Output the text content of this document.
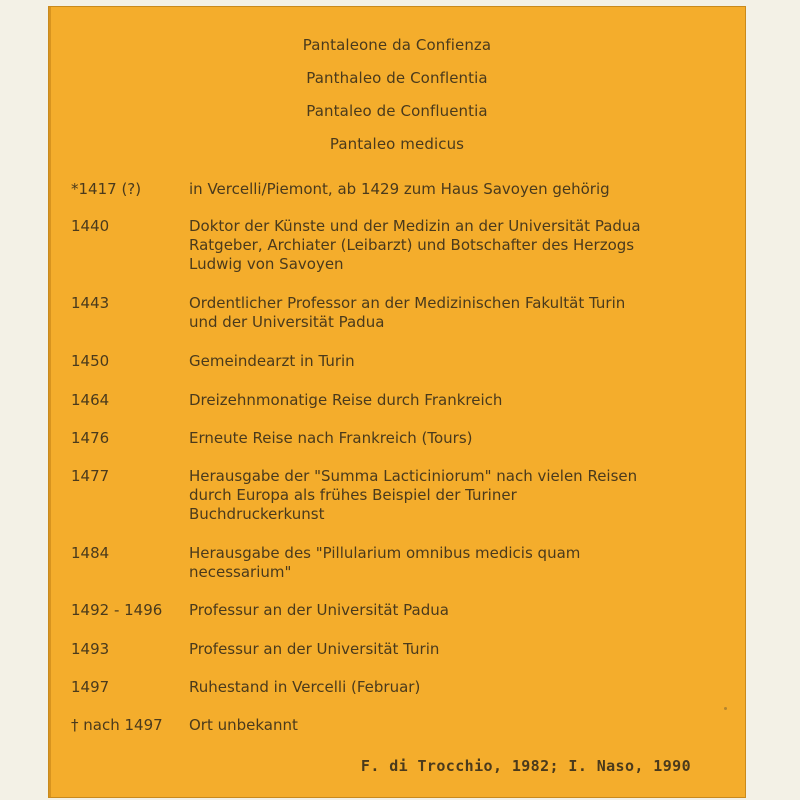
Pantaleone da Confienza
Panthaleo de Conflentia
Pantaleo de Confluentia
Pantaleo medicus
*1417 (?)	in Vercelli/Piemont, ab 1429 zum Haus Savoyen gehörig
1440	Doktor der Künste und der Medizin an der Universität Padua
Ratgeber, Archiater (Leibarzt) und Botschafter des Herzogs
Ludwig von Savoyen
1443	Ordentlicher Professor an der Medizinischen Fakultät Turin
und der Universität Padua
1450	Gemeindearzt in Turin
1464	Dreizehnmonatige Reise durch Frankreich
1476	Erneute Reise nach Frankreich (Tours)
1477	Herausgabe der "Summa Lacticiniorum" nach vielen Reisen
durch Europa als frühes Beispiel der Turiner
Buchdruckerkunst
1484	Herausgabe des "Pillularium omnibus medicis quam
necessarium"
1492 - 1496	Professur an der Universität Padua
1493	Professur an der Universität Turin
1497	Ruhestand in Vercelli (Februar)
† nach 1497	Ort unbekannt
F. di Trocchio, 1982; I. Naso, 1990
